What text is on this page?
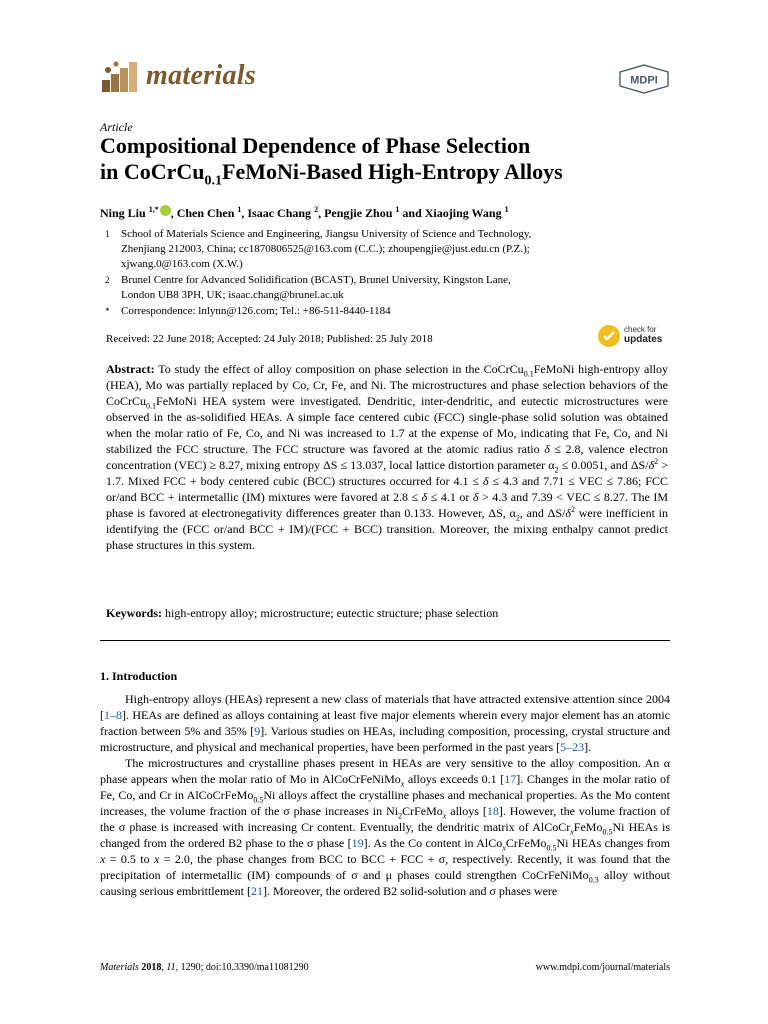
materials	MDPI
Article
Compositional Dependence of Phase Selection
in CoCrCu$_{0.1}$FeMoNi-Based High-Entropy Alloys
Ning Liu $^{1,*}$ , Chen Chen $^1$, Isaac Chang $^2$, Pengjie Zhou $^1$ and Xiaojing Wang $^1$
1 School of Materials Science and Engineering, Jiangsu University of Science and Technology,
Zhenjiang 212003, China; cc1870806525@163.com (C.C.); zhoupengjie@just.edu.cn (P.Z.);
xjwang.0@163.com (X.W.)
2 Brunel Centre for Advanced Solidification (BCAST), Brunel University, Kingston Lane,
London UB8 3PH, UK; isaac.chang@brunel.ac.uk
* Correspondence: lnlynn@126.com; Tel.: +86-511-8440-1184
Received: 22 June 2018; Accepted: 24 July 2018; Published: 25 July 2018
check for
updates
Abstract: To study the effect of alloy composition on phase selection in the CoCrCu$_{0.1}$FeMoNi high-entropy alloy (HEA), Mo was partially replaced by Co, Cr, Fe, and Ni. The microstructures and phase selection behaviors of the CoCrCu$_{0.1}$FeMoNi HEA system were investigated. Dendritic, inter-dendritic, and eutectic microstructures were observed in the as-solidified HEAs. A simple face centered cubic (FCC) single-phase solid solution was obtained when the molar ratio of Fe, Co, and Ni was increased to 1.7 at the expense of Mo, indicating that Fe, Co, and Ni stabilized the FCC structure. The FCC structure was favored at the atomic radius ratio δ ≤ 2.8, valence electron concentration (VEC) ≥ 8.27, mixing entropy ΔS ≤ 13.037, local lattice distortion parameter $\alpha_2 \le 0.0051$, and $\Delta S/\delta^2 > 1.7$. Mixed FCC + body centered cubic (BCC) structures occurred for 4.1 ≤ δ ≤ 4.3 and 7.71 ≤ VEC ≤ 7.86; FCC or/and BCC + intermetallic (IM) mixtures were favored at 2.8 ≤ δ ≤ 4.1 or δ > 4.3 and 7.39 < VEC ≤ 8.27. The IM phase is favored at electronegativity differences greater than 0.133. However, ΔS, $\alpha_2$, and $\Delta S/\delta^2$ were inefficient in identifying the (FCC or/and BCC + IM)/(FCC + BCC) transition. Moreover, the mixing enthalpy cannot predict phase structures in this system.
Keywords: high-entropy alloy; microstructure; eutectic structure; phase selection
1. Introduction

High-entropy alloys (HEAs) represent a new class of materials that have attracted extensive attention since 2004 [1–8]. HEAs are defined as alloys containing at least five major elements wherein every major element has an atomic fraction between 5% and 35% [9]. Various studies on HEAs, including composition, processing, crystal structure and microstructure, and physical and mechanical properties, have been performed in the past years [5–23].

The microstructures and crystalline phases present in HEAs are very sensitive to the alloy composition. An α phase appears when the molar ratio of Mo in AlCoCrFeNiMo$_x$ alloys exceeds 0.1 [17]. Changes in the molar ratio of Fe, Co, and Cr in AlCoCrFeMo$_{0.5}$Ni alloys affect the crystalline phases and mechanical properties. As the Mo content increases, the volume fraction of the σ phase increases in $Ni_2CrFeMo_x$ alloys [18]. However, the volume fraction of the σ phase is increased with increasing Cr content. Eventually, the dendritic matrix of AlCoCr$_x$FeMo$_{0.5}$Ni HEAs is changed from the ordered B2 phase to the σ phase [19]. As the Co content in AlCo$_x$CrFeMo$_{0.5}$Ni HEAs changes from x = 0.5 to x = 2.0, the phase changes from BCC to BCC + FCC + σ, respectively. Recently, it was found that the precipitation of intermetallic (IM) compounds of σ and μ phases could strengthen CoCrFeNiMo$_{0.3}$ alloy without causing serious embrittlement [21]. Moreover, the ordered B2 solid-solution and σ phases were

Materials 2018, 11, 1290; doi:10.3390/ma11081290	www.mdpi.com/journal/materials
